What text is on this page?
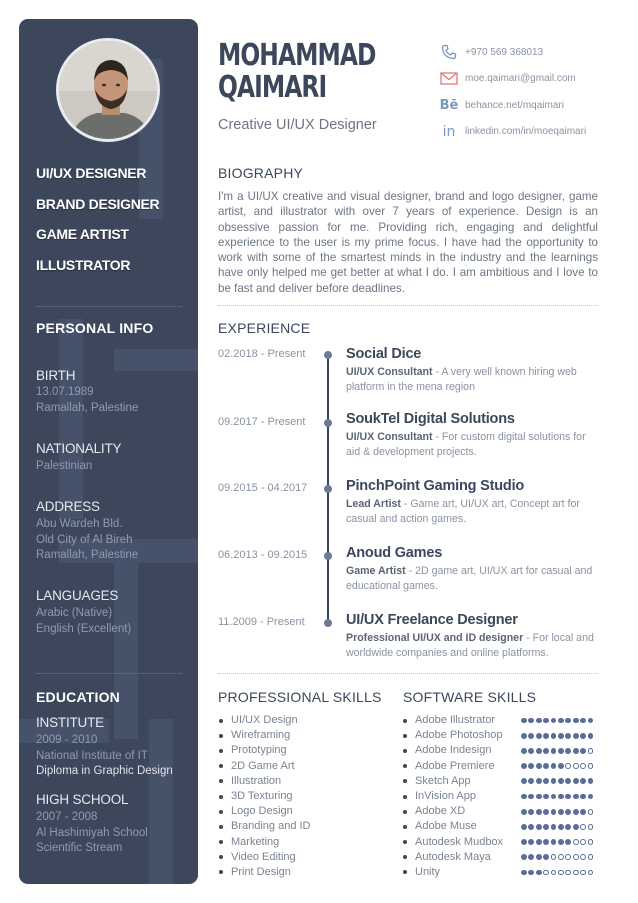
UI/UX DESIGNER
BRAND DESIGNER
GAME ARTIST
ILLUSTRATOR
PERSONAL INFO
BIRTH
13.07.1989
Ramallah, Palestine
NATIONALITY
Palestinian
ADDRESS
Abu Wardeh Bld.
Old City of Al Bireh
Ramallah, Palestine
LANGUAGES
Arabic (Native)
English (Excellent)
EDUCATION
INSTITUTE
2009 - 2010
National Institute of IT
Diploma in Graphic Design
HIGH SCHOOL
2007 - 2008
Al Hashimiyah School
Scientific Stream
MOHAMMAD
QAIMARI
Creative UI/UX Designer
+970 569 368013
moe.qaimari@gmail.com
Bē behance.net/mqaimari
in linkedin.com/in/moeqaimari
BIOGRAPHY
I'm a UI/UX creative and visual designer, brand and logo designer, game artist, and illustrator with over 7 years of experience. Design is an obsessive passion for me. Providing rich, engaging and delightful experience to the user is my prime focus. I have had the opportunity to work with some of the smartest minds in the industry and the learnings have only helped me get better at what I do. I am ambitious and I love to be fast and deliver before deadlines.
EXPERIENCE
02.2018 - Present	Social Dice
UI/UX Consultant - A very well known hiring web platform in the mena region
09.2017 - Present	SoukTel Digital Solutions
UI/UX Consultant - For custom digital solutions for aid & development projects.
09.2015 - 04.2017	PinchPoint Gaming Studio
Lead Artist - Game art, UI/UX art, Concept art for casual and action games.
06.2013 - 09.2015	Anoud Games
Game Artist - 2D game art, UI/UX art for casual and educational games.
11.2009 - Present	UI/UX Freelance Designer
Professional UI/UX and ID designer - For local and worldwide companies and online platforms.
PROFESSIONAL SKILLS
UI/UX Design
Wireframing
Prototyping
2D Game Art
Illustration
3D Texturing
Logo Design
Branding and ID
Marketing
Video Editing
Print Design
SOFTWARE SKILLS
Adobe Illustrator
Adobe Photoshop
Adobe Indesign
Adobe Premiere
Sketch App
InVision App
Adobe XD
Adobe Muse
Autodesk Mudbox
Autodesk Maya
Unity
